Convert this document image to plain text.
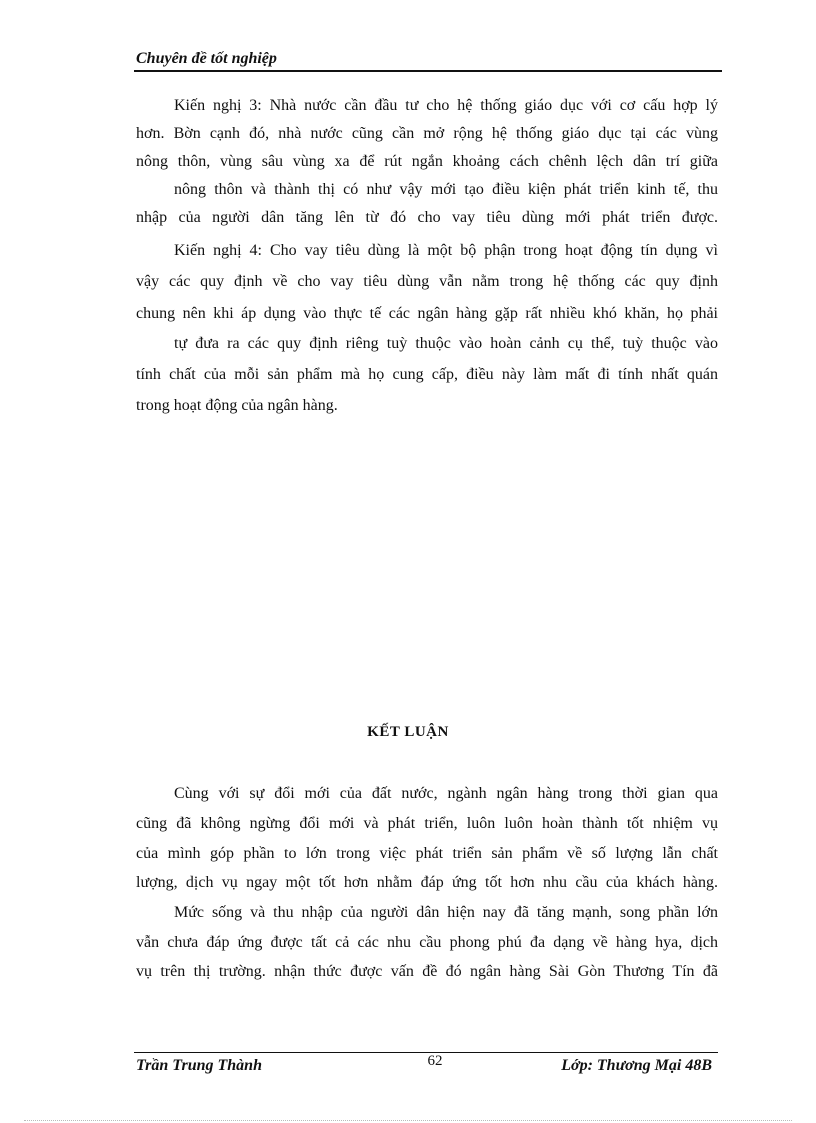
Chuyên đề tốt nghiệp
Kiến nghị 3: Nhà nước cần đầu tư cho hệ thống giáo dục với cơ cấu hợp lý
hơn. Bờn cạnh đó, nhà nước cũng cần mở rộng hệ thống giáo dục tại các vùng
nông thôn, vùng sâu vùng xa để rút ngắn khoảng cách chênh lệch dân trí giữa
nông thôn và thành thị có như vậy mới tạo điều kiện phát triển kinh tế, thu
nhập của người dân tăng lên từ đó cho vay tiêu dùng mới phát triển được.
Kiến nghị 4: Cho vay tiêu dùng là một bộ phận trong hoạt động tín dụng vì
vậy các quy định về cho vay tiêu dùng vẫn nằm trong hệ thống các quy định
chung nên khi áp dụng vào thực tế các ngân hàng gặp rất nhiều khó khăn, họ phải
tự đưa ra các quy định riêng tuỳ thuộc vào hoàn cảnh cụ thể, tuỳ thuộc vào
tính chất của mỗi sản phẩm mà họ cung cấp, điều này làm mất đi tính nhất quán
trong hoạt động của ngân hàng.
KẾT LUẬN
Cùng với sự đổi mới của đất nước, ngành ngân hàng trong thời gian qua
cũng đã không ngừng đổi mới và phát triển, luôn luôn hoàn thành tốt nhiệm vụ
của mình góp phần to lớn trong việc phát triển sản phẩm về số lượng lẫn chất
lượng, dịch vụ ngay một tốt hơn nhằm đáp ứng tốt hơn nhu cầu của khách hàng.
Mức sống và thu nhập của người dân hiện nay đã tăng mạnh, song phần lớn
vẫn chưa đáp ứng được tất cả các nhu cầu phong phú đa dạng về hàng hya, dịch
vụ trên thị trường. nhận thức được vấn đề đó ngân hàng Sài Gòn Thương Tín đã
Trần Trung Thành	62	Lớp: Thương Mại 48B
